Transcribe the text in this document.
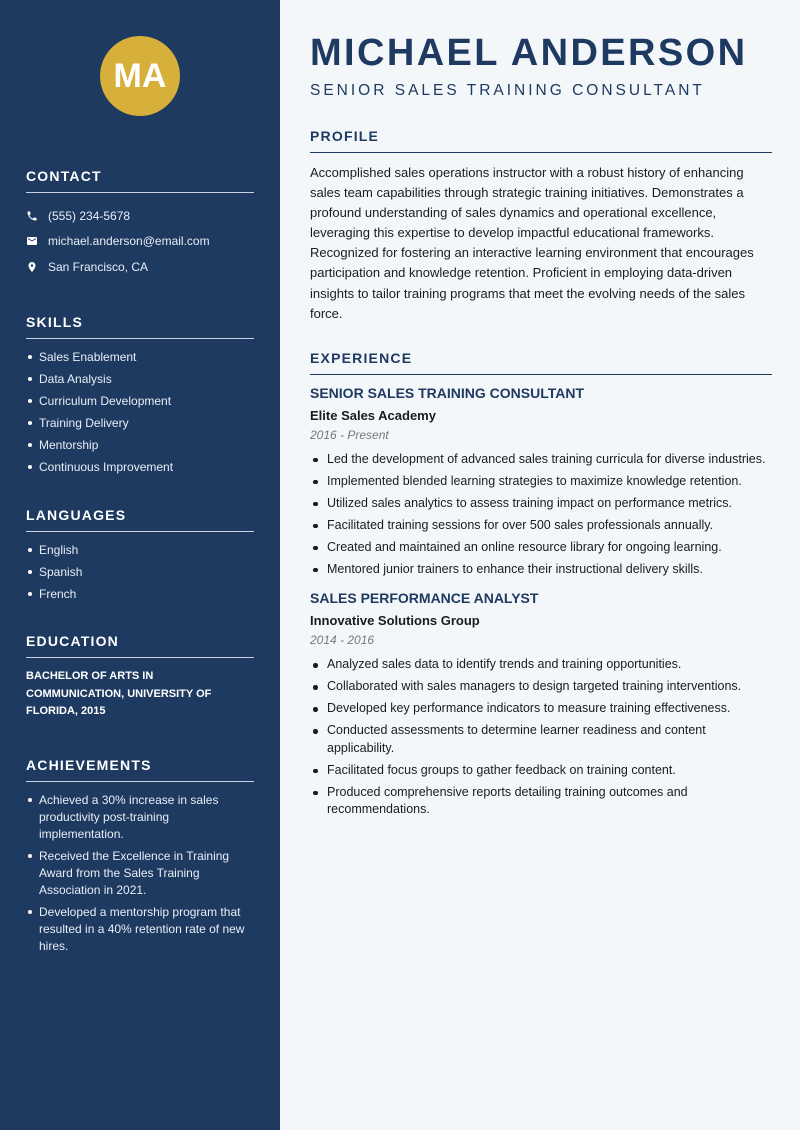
MA
CONTACT
(555) 234-5678
michael.anderson@email.com
San Francisco, CA
SKILLS
Sales Enablement
Data Analysis
Curriculum Development
Training Delivery
Mentorship
Continuous Improvement
LANGUAGES
English
Spanish
French
EDUCATION
BACHELOR OF ARTS IN COMMUNICATION, UNIVERSITY OF FLORIDA, 2015
ACHIEVEMENTS
Achieved a 30% increase in sales productivity post-training implementation.
Received the Excellence in Training Award from the Sales Training Association in 2021.
Developed a mentorship program that resulted in a 40% retention rate of new hires.
MICHAEL ANDERSON
SENIOR SALES TRAINING CONSULTANT
PROFILE
Accomplished sales operations instructor with a robust history of enhancing sales team capabilities through strategic training initiatives. Demonstrates a profound understanding of sales dynamics and operational excellence, leveraging this expertise to develop impactful educational frameworks. Recognized for fostering an interactive learning environment that encourages participation and knowledge retention. Proficient in employing data-driven insights to tailor training programs that meet the evolving needs of the sales force.
EXPERIENCE
SENIOR SALES TRAINING CONSULTANT
Elite Sales Academy
2016 - Present
Led the development of advanced sales training curricula for diverse industries.
Implemented blended learning strategies to maximize knowledge retention.
Utilized sales analytics to assess training impact on performance metrics.
Facilitated training sessions for over 500 sales professionals annually.
Created and maintained an online resource library for ongoing learning.
Mentored junior trainers to enhance their instructional delivery skills.
SALES PERFORMANCE ANALYST
Innovative Solutions Group
2014 - 2016
Analyzed sales data to identify trends and training opportunities.
Collaborated with sales managers to design targeted training interventions.
Developed key performance indicators to measure training effectiveness.
Conducted assessments to determine learner readiness and content applicability.
Facilitated focus groups to gather feedback on training content.
Produced comprehensive reports detailing training outcomes and recommendations.
